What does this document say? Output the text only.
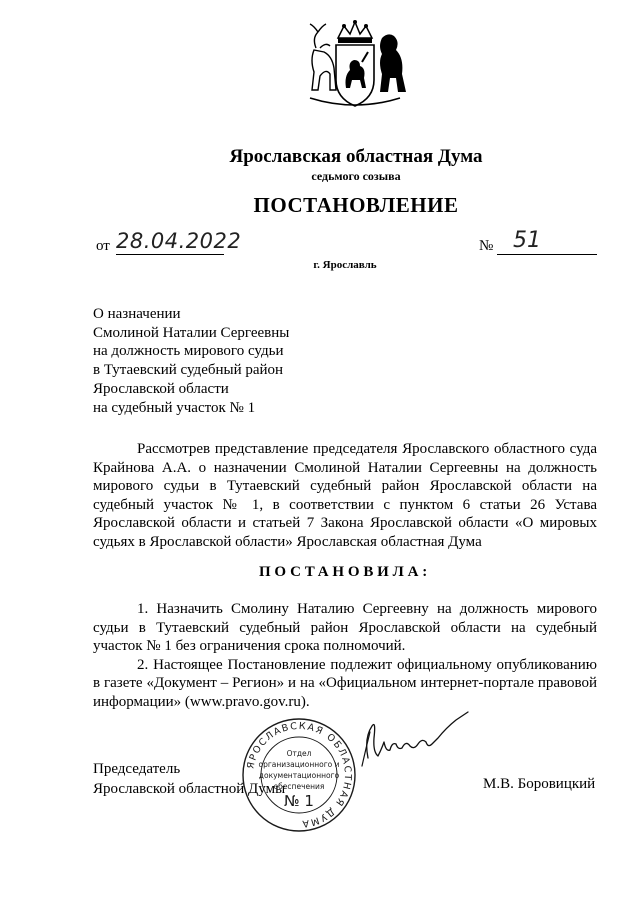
Ярославская областная Дума
седьмого созыва
ПОСТАНОВЛЕНИЕ
от 28.04.2022	№ 51
г. Ярославль
О назначении
Смолиной Наталии Сергеевны
на должность мирового судьи
в Тутаевский судебный район
Ярославской области
на судебный участок № 1

Рассмотрев представление председателя Ярославского областного суда Крайнова А.А. о назначении Смолиной Наталии Сергеевны на должность мирового судьи в Тутаевский судебный район Ярославской области на судебный участок № 1, в соответствии с пунктом 6 статьи 26 Устава Ярославской области и статьей 7 Закона Ярославской области «О мировых судьях в Ярославской области» Ярославская областная Дума

ПОСТАНОВИЛА:

1. Назначить Смолину Наталию Сергеевну на должность мирового судьи в Тутаевский судебный район Ярославской области на судебный участок № 1 без ограничения срока полномочий.

2. Настоящее Постановление подлежит официальному опубликованию в газете «Документ – Регион» и на «Официальном интернет-портале правовой информации» (www.pravo.gov.ru).

Председатель
Ярославской областной Думы	М.В. Боровицкий
ЯРОСЛАВСКАЯ ОБЛАСТНАЯ ДУМА
Отдел
организационного и
документационного
обеспечения
№ 1
